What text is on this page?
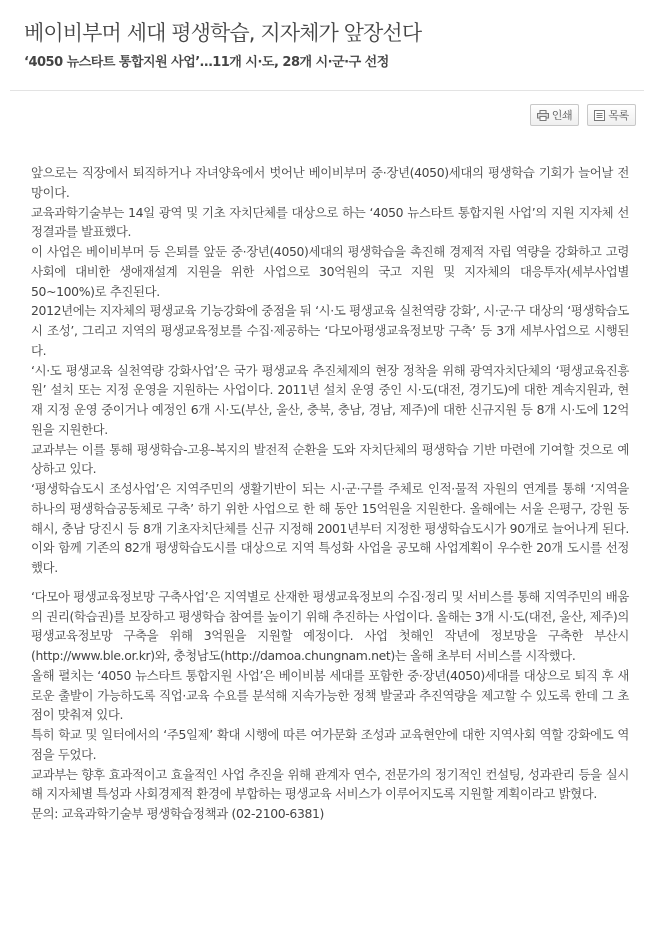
베이비부머 세대 평생학습, 지자체가 앞장선다
‘4050 뉴스타트 통합지원 사업’…11개 시·도, 28개 시·군·구 선정
인쇄	목록

앞으로는 직장에서 퇴직하거나 자녀양육에서 벗어난 베이비부머 중·장년(4050)세대의 평생학습 기회가 늘어날 전망이다.

교육과학기술부는 14일 광역 및 기초 자치단체를 대상으로 하는 ‘4050 뉴스타트 통합지원 사업’의 지원 지자체 선정결과를 발표했다.

이 사업은 베이비부머 등 은퇴를 앞둔 중·장년(4050)세대의 평생학습을 촉진해 경제적 자립 역량을 강화하고 고령사회에 대비한 생애재설계 지원을 위한 사업으로 30억원의 국고 지원 및 지자체의 대응투자(세부사업별 50~100%)로 추진된다.

2012년에는 지자체의 평생교육 기능강화에 중점을 둬 ‘시·도 평생교육 실천역량 강화’, 시·군·구 대상의 ‘평생학습도시 조성’, 그리고 지역의 평생교육정보를 수집·제공하는 ‘다모아평생교육정보망 구축’ 등 3개 세부사업으로 시행된다.

‘시·도 평생교육 실천역량 강화사업’은 국가 평생교육 추진체제의 현장 정착을 위해 광역자치단체의 ‘평생교육진흥원’ 설치 또는 지정 운영을 지원하는 사업이다. 2011년 설치 운영 중인 시·도(대전, 경기도)에 대한 계속지원과, 현재 지정 운영 중이거나 예정인 6개 시·도(부산, 울산, 충북, 충남, 경남, 제주)에 대한 신규지원 등 8개 시·도에 12억원을 지원한다.

교과부는 이를 통해 평생학습-고용-복지의 발전적 순환을 도와 자치단체의 평생학습 기반 마련에 기여할 것으로 예상하고 있다.

‘평생학습도시 조성사업’은 지역주민의 생활기반이 되는 시·군·구를 주체로 인적·물적 자원의 연계를 통해 ‘지역을 하나의 평생학습공동체로 구축’ 하기 위한 사업으로 한 해 동안 15억원을 지원한다. 올해에는 서울 은평구, 강원 동해시, 충남 당진시 등 8개 기초자치단체를 신규 지정해 2001년부터 지정한 평생학습도시가 90개로 늘어나게 된다. 이와 함께 기존의 82개 평생학습도시를 대상으로 지역 특성화 사업을 공모해 사업계획이 우수한 20개 도시를 선정했다.

‘다모아 평생교육정보망 구축사업’은 지역별로 산재한 평생교육정보의 수집·정리 및 서비스를 통해 지역주민의 배움의 권리(학습권)를 보장하고 평생학습 참여를 높이기 위해 추진하는 사업이다. 올해는 3개 시·도(대전, 울산, 제주)의 평생교육정보망 구축을 위해 3억원을 지원할 예정이다. 사업 첫해인 작년에 정보망을 구축한 부산시(http://www.ble.or.kr)와, 충청남도(http://damoa.chungnam.net)는 올해 초부터 서비스를 시작했다.

올해 펼치는 ‘4050 뉴스타트 통합지원 사업’은 베이비붐 세대를 포함한 중·장년(4050)세대를 대상으로 퇴직 후 새로운 출발이 가능하도록 직업·교육 수요를 분석해 지속가능한 정책 발굴과 추진역량을 제고할 수 있도록 한데 그 초점이 맞춰져 있다.

특히 학교 및 일터에서의 ‘주5일제’ 확대 시행에 따른 여가문화 조성과 교육현안에 대한 지역사회 역할 강화에도 역점을 두었다.

교과부는 향후 효과적이고 효율적인 사업 추진을 위해 관계자 연수, 전문가의 정기적인 컨설팅, 성과관리 등을 실시해 지자체별 특성과 사회경제적 환경에 부합하는 평생교육 서비스가 이루어지도록 지원할 계획이라고 밝혔다.

문의: 교육과학기술부 평생학습정책과 (02-2100-6381)
